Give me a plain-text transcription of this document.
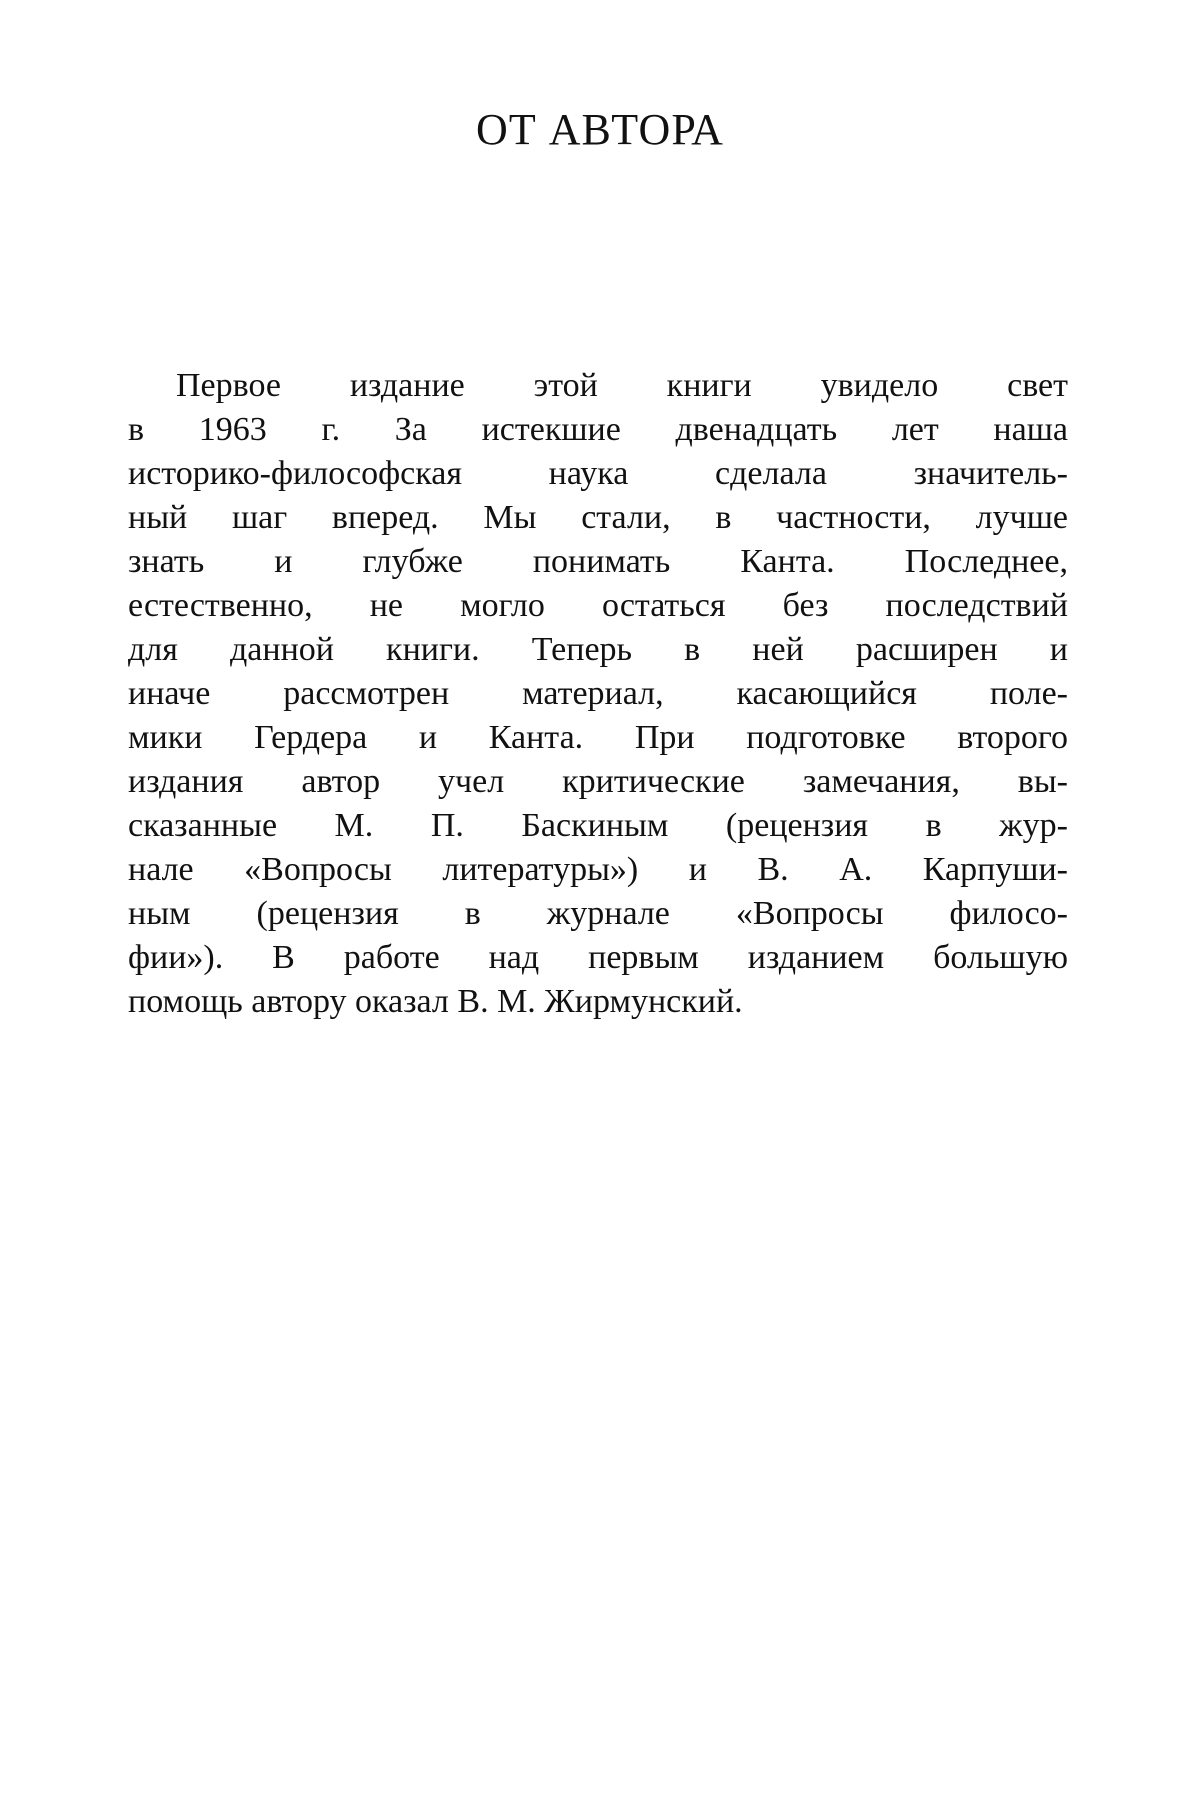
ОТ АВТОРА
Первое издание этой книги увидело свет
в 1963 г. За истекшие двенадцать лет наша
историко-философская наука сделала значитель-
ный шаг вперед. Мы стали, в частности, лучше
знать и глубже понимать Канта. Последнее,
естественно, не могло остаться без последствий
для данной книги. Теперь в ней расширен и
иначе рассмотрен материал, касающийся поле-
мики Гердера и Канта. При подготовке второго
издания автор учел критические замечания, вы-
сказанные М. П. Баскиным (рецензия в жур-
нале «Вопросы литературы») и В. А. Карпуши-
ным (рецензия в журнале «Вопросы филосо-
фии»). В работе над первым изданием большую
помощь автору оказал В. М. Жирмунский.
